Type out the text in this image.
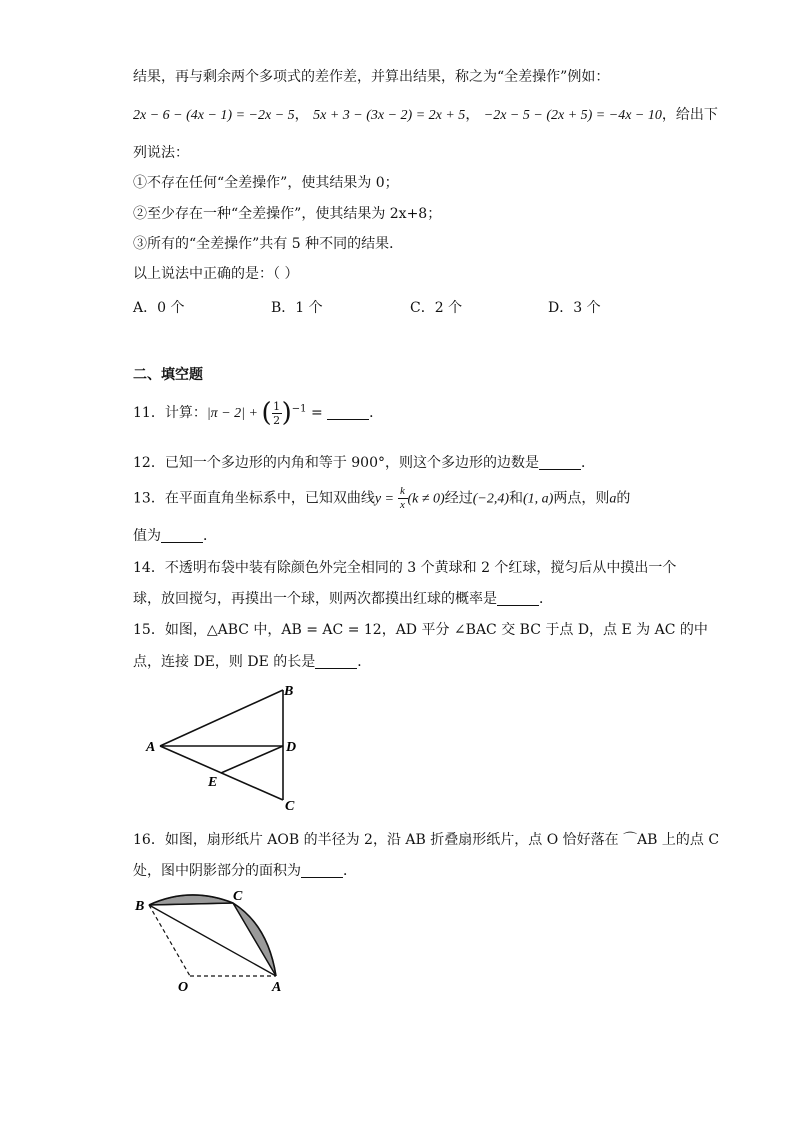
结果，再与剩余两个多项式的差作差，并算出结果，称之为“全差操作”例如：
2x − 6 − (4x − 1) = −2x − 5， 5x + 3 − (3x − 2) = 2x + 5， −2x − 5 − (2x + 5) = −4x − 10，给出下
列说法：
①不存在任何“全差操作”，使其结果为 0；
②至少存在一种“全差操作”，使其结果为 2x+8；
③所有的“全差操作”共有 5 种不同的结果．
以上说法中正确的是：（ ）
A．0 个	B．1 个	C．2 个	D．3 个
二、填空题
11．计算：|π − 2| + ( $\frac{1}{2} )^{-1}$ =	．
12．已知一个多边形的内角和等于 900°，则这个多边形的边数是	．
13．在平面直角坐标系中，已知双曲线$y = \frac{k}{x} (k \ne 0)$经过(−2,4)和(1, a)两点，则a的
值为	．
14．不透明布袋中装有除颜色外完全相同的 3 个黄球和 2 个红球，搅匀后从中摸出一个
球，放回搅匀，再摸出一个球，则两次都摸出红球的概率是	．
15．如图，△ABC 中，AB = AC = 12，AD 平分 ∠BAC 交 BC 于点 D，点 E 为 AC 的中
点，连接 DE，则 DE 的长是	．
A
B
D
E
C
16．如图，扇形纸片 AOB 的半径为 2，沿 AB 折叠扇形纸片，点 O 恰好落在 ⌒AB 上的点 C
处，图中阴影部分的面积为	．
B
C
O	A
